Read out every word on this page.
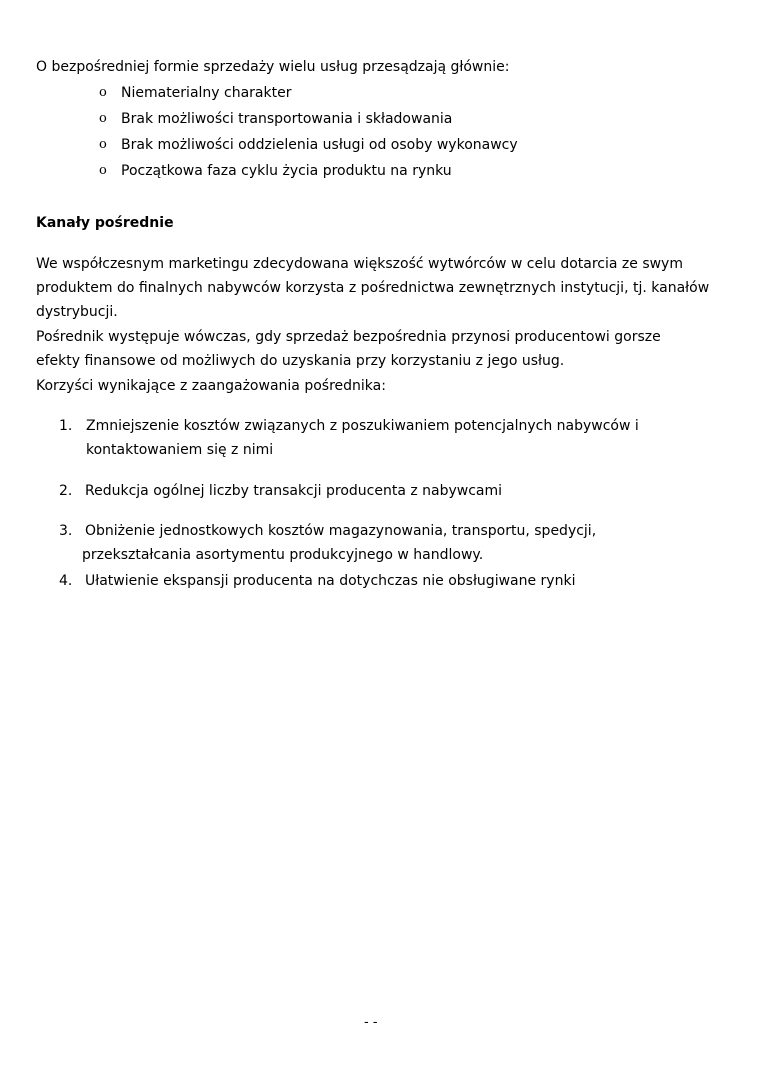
O bezpośredniej formie sprzedaży wielu usług przesądzają głównie:
o Niematerialny charakter
o Brak możliwości transportowania i składowania
o Brak możliwości oddzielenia usługi od osoby wykonawcy
o Początkowa faza cyklu życia produktu na rynku
Kanały pośrednie
We współczesnym marketingu zdecydowana większość wytwórców w celu dotarcia ze swym
produktem do finalnych nabywców korzysta z pośrednictwa zewnętrznych instytucji, tj. kanałów
dystrybucji.
Pośrednik występuje wówczas, gdy sprzedaż bezpośrednia przynosi producentowi gorsze
efekty finansowe od możliwych do uzyskania przy korzystaniu z jego usług.
Korzyści wynikające z zaangażowania pośrednika:
1. Zmniejszenie kosztów związanych z poszukiwaniem potencjalnych nabywców i
kontaktowaniem się z nimi
2. Redukcja ogólnej liczby transakcji producenta z nabywcami
3. Obniżenie jednostkowych kosztów magazynowania, transportu, spedycji,
przekształcania asortymentu produkcyjnego w handlowy.
4. Ułatwienie ekspansji producenta na dotychczas nie obsługiwane rynki
- -
